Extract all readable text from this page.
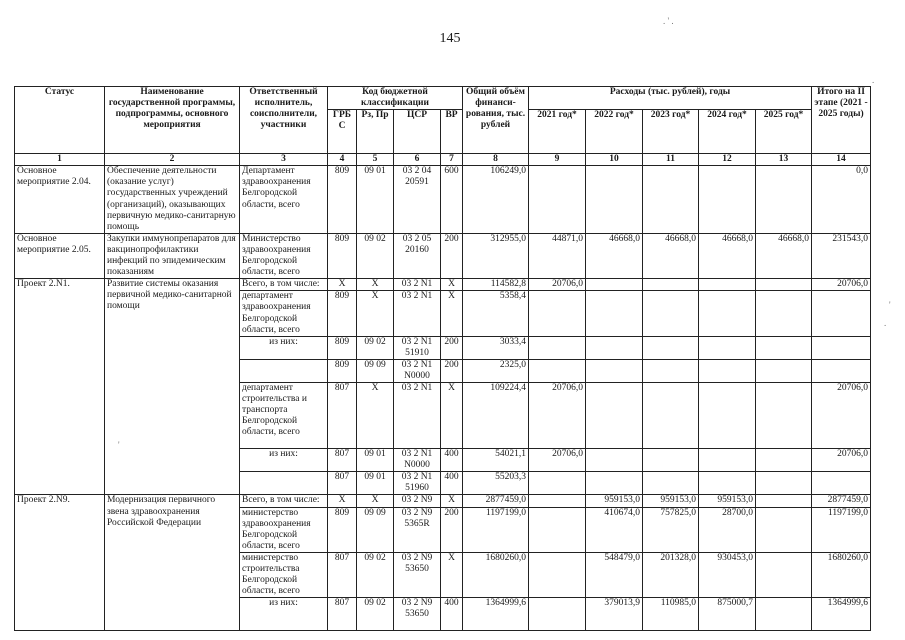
145
. ' .
.
'
.
'
Статус	Наименование государственной программы, подпрограммы, основного мероприятия	Ответственный исполнитель, соисполнители, участники	Код бюджетной классификации				Общий объём финанси-рования, тыс. рублей	Расходы (тыс. рублей), годы					Итого на II этапе (2021 - 2025 годы)
			ГРБС	Рз, Пр	ЦСР	ВР		2021 год*	2022 год*	2023 год*	2024 год*	2025 год*	
1	2	3	4	5	6	7	8	9	10	11	12	13	14
Основное мероприятие 2.04.	Обеспечение деятельности (оказание услуг) государственных учреждений (организаций), оказывающих первичную медико-санитарную помощь	Департамент здравоохранения Белгородской области, всего	809	09 01	03 2 04 20591	600	106249,0						0,0
Основное мероприятие 2.05.	Закупки иммунопрепаратов для вакцинопрофилактики инфекций по эпидемическим показаниям	Министерство здравоохранения Белгородской области, всего	809	09 02	03 2 05 20160	200	312955,0	44871,0	46668,0	46668,0	46668,0	46668,0	231543,0
Проект 2.N1.	Развитие системы оказания первичной медико-санитарной помощи	Всего, в том числе:	X	X	03 2 N1	X	114582,8	20706,0					20706,0
		департамент здравоохранения Белгородской области, всего	809	X	03 2 N1	X	5358,4						
		из них:	809	09 02	03 2 N1 51910	200	3033,4						
			809	09 09	03 2 N1 N0000	200	2325,0						
		департамент строительства и транспорта Белгородской области, всего	807	X	03 2 N1	X	109224,4	20706,0					20706,0
		из них:	807	09 01	03 2 N1 N0000	400	54021,1	20706,0					20706,0
			807	09 01	03 2 N1 51960	400	55203,3						
Проект 2.N9.	Модернизация первичного звена здравоохранения Российской Федерации	Всего, в том числе:	X	X	03 2 N9	X	2877459,0		959153,0	959153,0	959153,0		2877459,0
		министерство здравоохранения Белгородской области, всего	809	09 09	03 2 N9 5365R	200	1197199,0		410674,0	757825,0	28700,0		1197199,0
		министерство строительства Белгородской области, всего	807	09 02	03 2 N9 53650	X	1680260,0		548479,0	201328,0	930453,0		1680260,0
		из них:	807	09 02	03 2 N9 53650	400	1364999,6		379013,9	110985,0	875000,7		1364999,6
